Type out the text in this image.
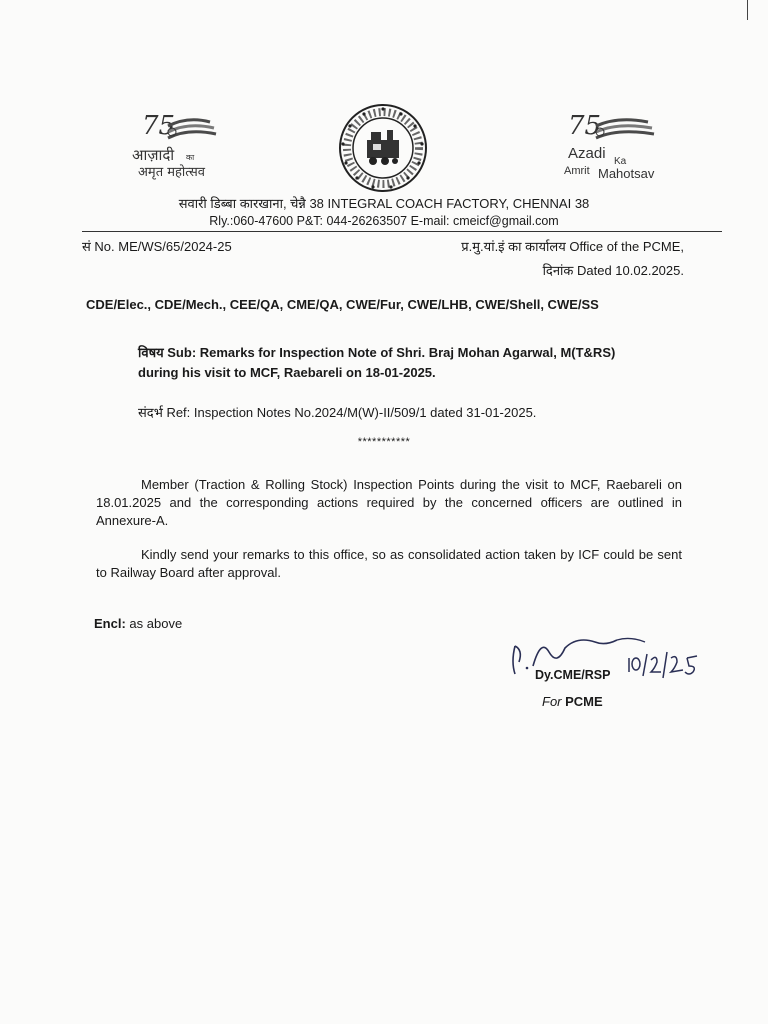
75
आज़ादी का
अमृत महोत्सव
75
Azadi Ka
Amrit Mahotsav
सवारी डिब्बा कारखाना, चेन्नै 38 INTEGRAL COACH FACTORY, CHENNAI 38
Rly.:060-47600 P&T: 044-26263507 E-mail: cmeicf@gmail.com
सं No. ME/WS/65/2024-25	प्र.मु.यां.इं का कार्यालय Office of the PCME,
दिनांक Dated 10.02.2025.
CDE/Elec., CDE/Mech., CEE/QA, CME/QA, CWE/Fur, CWE/LHB, CWE/Shell, CWE/SS
विषय Sub: Remarks for Inspection Note of Shri. Braj Mohan Agarwal, M(T&RS)
during his visit to MCF, Raebareli on 18-01-2025.
संदर्भ Ref: Inspection Notes No.2024/M(W)-II/509/1 dated 31-01-2025.
***********
Member (Traction & Rolling Stock) Inspection Points during the visit to MCF, Raebareli on 18.01.2025 and the corresponding actions required by the concerned officers are outlined in Annexure-A.
Kindly send your remarks to this office, so as consolidated action taken by ICF could be sent to Railway Board after approval.
Encl: as above
Dy.CME/RSP
For PCME
